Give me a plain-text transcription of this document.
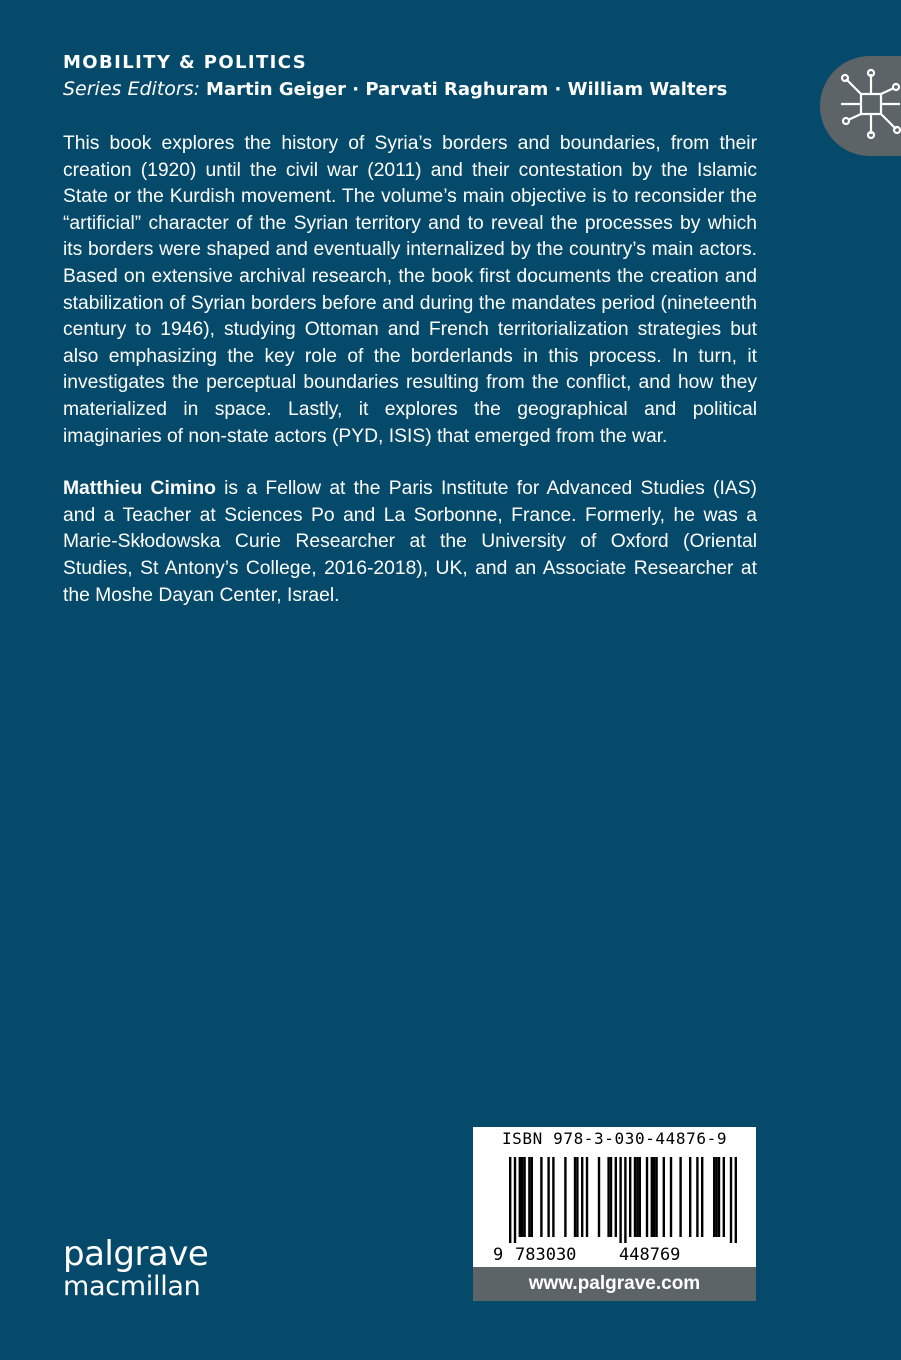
MOBILITY & POLITICS
Series Editors: Martin Geiger · Parvati Raghuram · William Walters

This book explores the history of Syria’s borders and boundaries, from their creation (1920) until the civil war (2011) and their contestation by the Islamic State or the Kurdish movement. The volume’s main objective is to reconsider the “artificial” character of the Syrian territory and to reveal the processes by which its borders were shaped and eventually internalized by the country’s main actors. Based on extensive archival research, the book first documents the creation and stabilization of Syrian borders before and during the mandates period (nineteenth century to 1946), studying Ottoman and French territorialization strategies but also emphasizing the key role of the borderlands in this process. In turn, it investigates the perceptual boundaries resulting from the conflict, and how they materialized in space. Lastly, it explores the geographical and political imaginaries of non-state actors (PYD, ISIS) that emerged from the war.

Matthieu Cimino is a Fellow at the Paris Institute for Advanced Studies (IAS) and a Teacher at Sciences Po and La Sorbonne, France. Formerly, he was a Marie-Skłodowska Curie Researcher at the University of Oxford (Oriental Studies, St Antony’s College, 2016-2018), UK, and an Associate Researcher at the Moshe Dayan Center, Israel.

ISBN 978-3-030-44876-9
9 783030	448769
www.palgrave.com
palgrave
macmillan
